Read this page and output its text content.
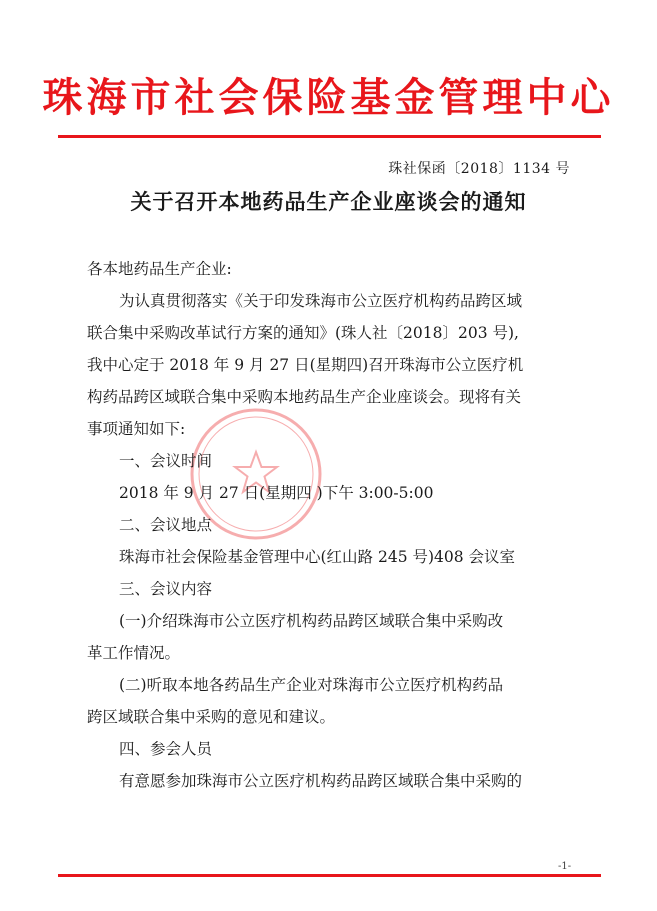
珠海市社会保险基金管理中心
珠社保函〔2018〕1134 号
关于召开本地药品生产企业座谈会的通知
各本地药品生产企业:
为认真贯彻落实《关于印发珠海市公立医疗机构药品跨区域
联合集中采购改革试行方案的通知》(珠人社〔2018〕203 号),
我中心定于 2018 年 9 月 27 日(星期四)召开珠海市公立医疗机
构药品跨区域联合集中采购本地药品生产企业座谈会。现将有关
事项通知如下:
一、会议时间
2018 年 9 月 27 日(星期四 )下午 3:00-5:00
二、会议地点
珠海市社会保险基金管理中心(红山路 245 号)408 会议室
三、会议内容
(一)介绍珠海市公立医疗机构药品跨区域联合集中采购改
革工作情况。
(二)听取本地各药品生产企业对珠海市公立医疗机构药品
跨区域联合集中采购的意见和建议。
四、参会人员
有意愿参加珠海市公立医疗机构药品跨区域联合集中采购的
-1-
